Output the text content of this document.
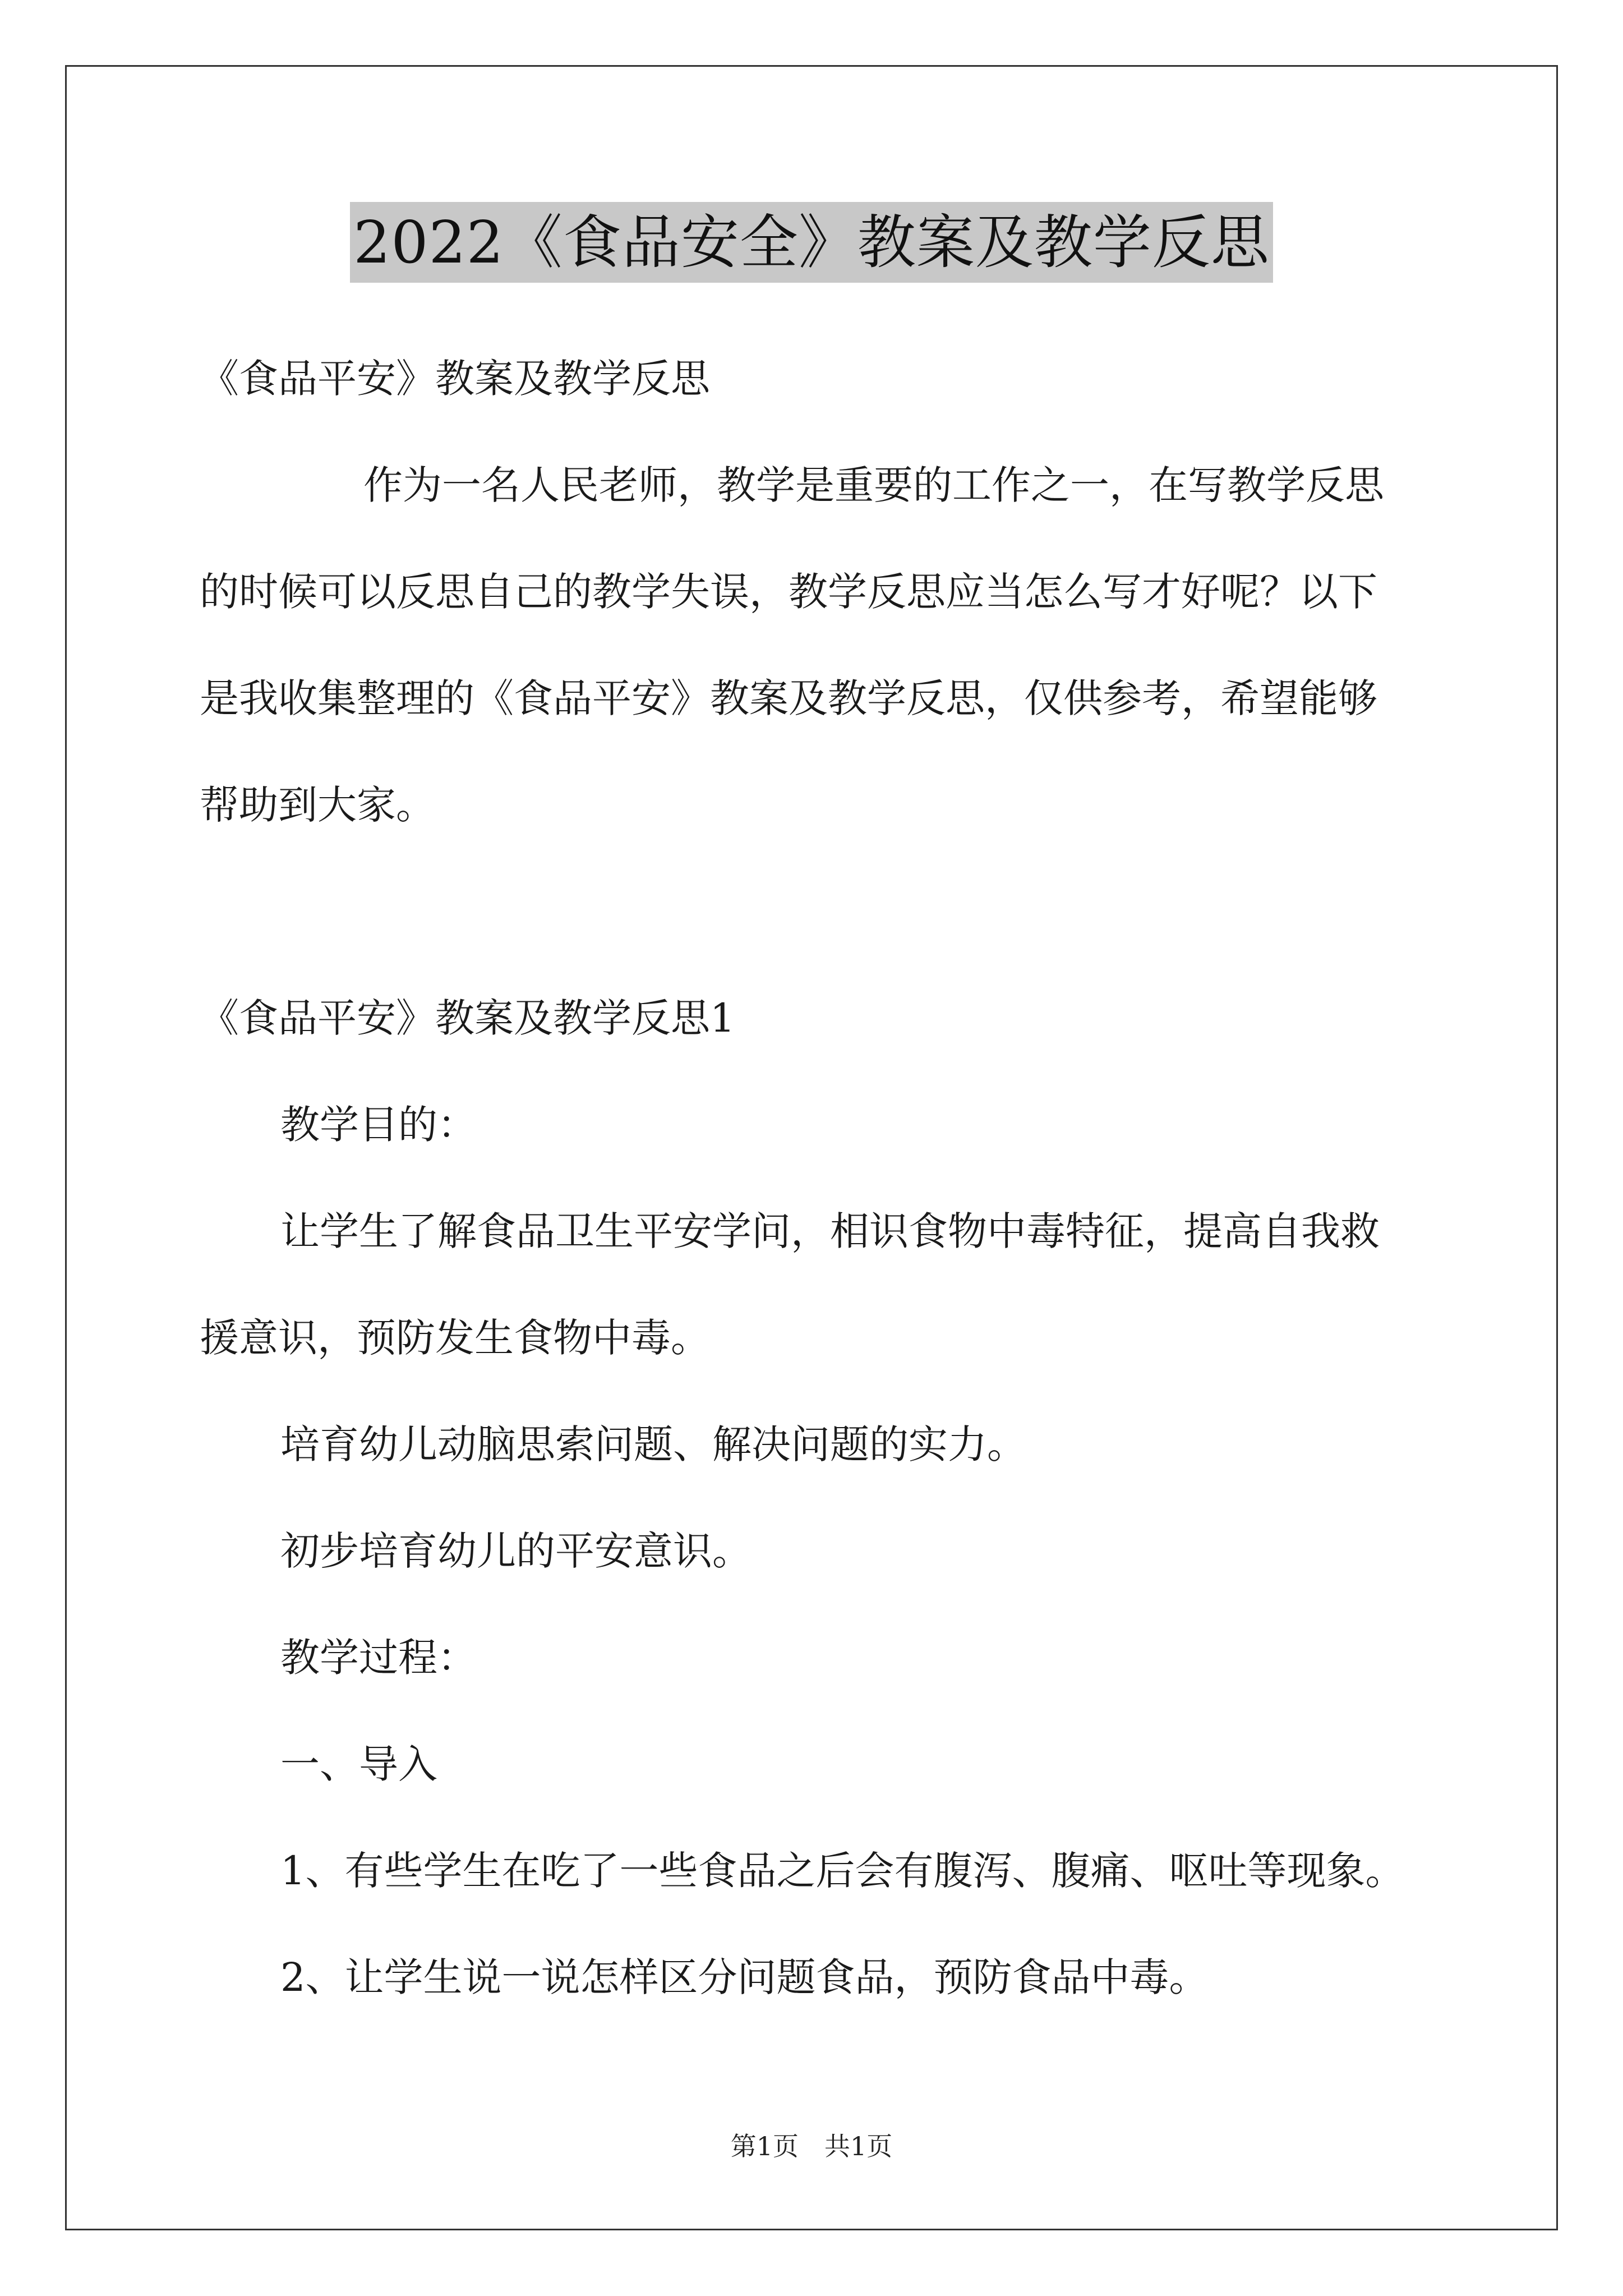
2022《食品安全》教案及教学反思
《食品平安》教案及教学反思
作为一名人民老师，教学是重要的工作之一，在写教学反思
的时候可以反思自己的教学失误，教学反思应当怎么写才好呢？以下
是我收集整理的《食品平安》教案及教学反思，仅供参考，希望能够
帮助到大家。
《食品平安》教案及教学反思1
教学目的：
让学生了解食品卫生平安学问，相识食物中毒特征，提高自我救
援意识，预防发生食物中毒。
培育幼儿动脑思索问题、解决问题的实力。
初步培育幼儿的平安意识。
教学过程：
一、导入
1、有些学生在吃了一些食品之后会有腹泻、腹痛、呕吐等现象。
2、让学生说一说怎样区分问题食品，预防食品中毒。
第1页　共1页
